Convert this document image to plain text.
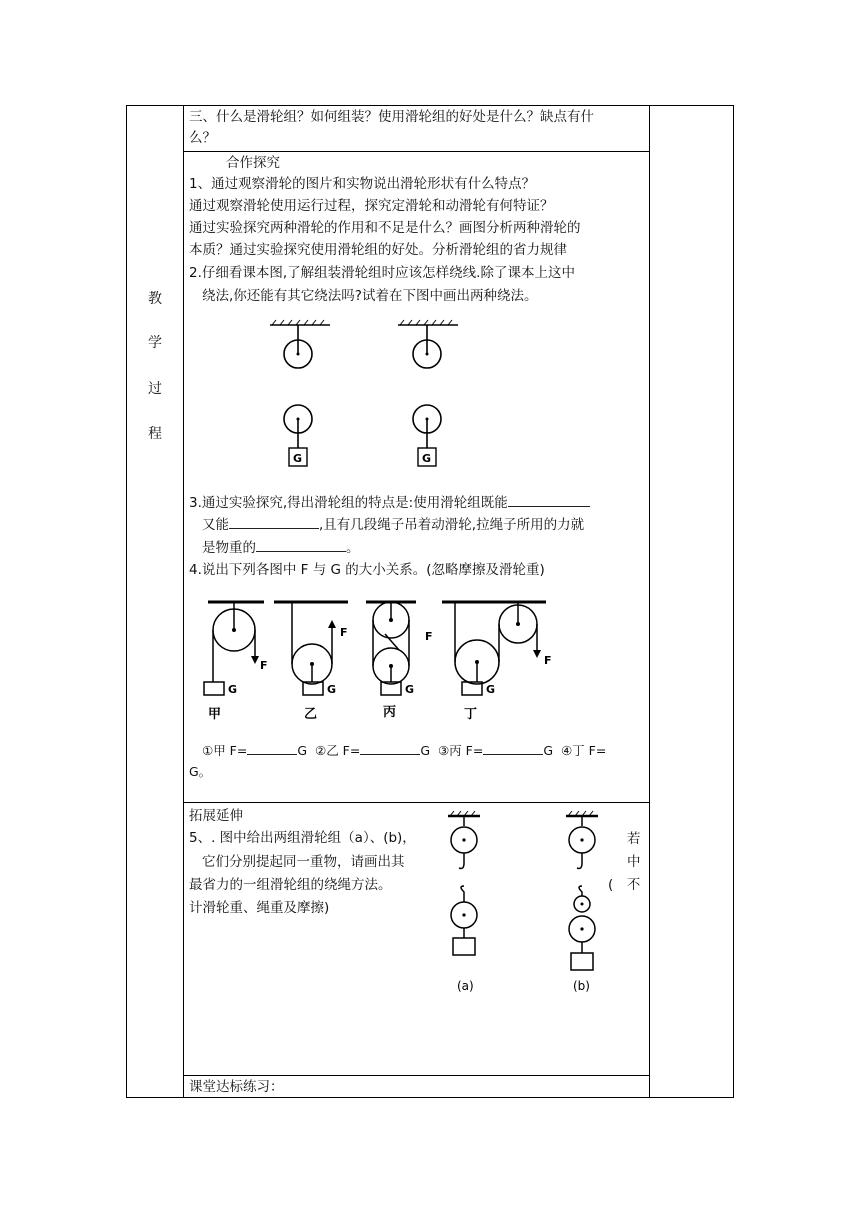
教
学
过
程
三、什么是滑轮组？如何组装？使用滑轮组的好处是什么？缺点有什
么？
合作探究
1、通过观察滑轮的图片和实物说出滑轮形状有什么特点？
通过观察滑轮使用运行过程，探究定滑轮和动滑轮有何特证？
通过实验探究两种滑轮的作用和不足是什么？画图分析两种滑轮的
本质？通过实验探究使用滑轮组的好处。分析滑轮组的省力规律
2.仔细看课本图,了解组装滑轮组时应该怎样绕线.除了课本上这中
绕法,你还能有其它绕法吗?试着在下图中画出两种绕法。
G	G
3.通过实验探究,得出滑轮组的特点是:使用滑轮组既能
又能	,且有几段绳子吊着动滑轮,拉绳子所用的力就
是物重的	。
4.说出下列各图中 F 与 G 的大小关系。(忽略摩擦及滑轮重)
F
F	F
F
G	G	G	G
甲	乙	丙	丁
①甲 F=	G ②乙 F=	G ③丙 F=	G ④丁 F=
G。
拓展延伸
5、. 图中给出两组滑轮组（a）、(b)，
它们分别提起同一重物，请画出其
最省力的一组滑轮组的绕绳方法。
计滑轮重、绳重及摩擦)
若
中
(　不
(a)	(b)
课堂达标练习：
